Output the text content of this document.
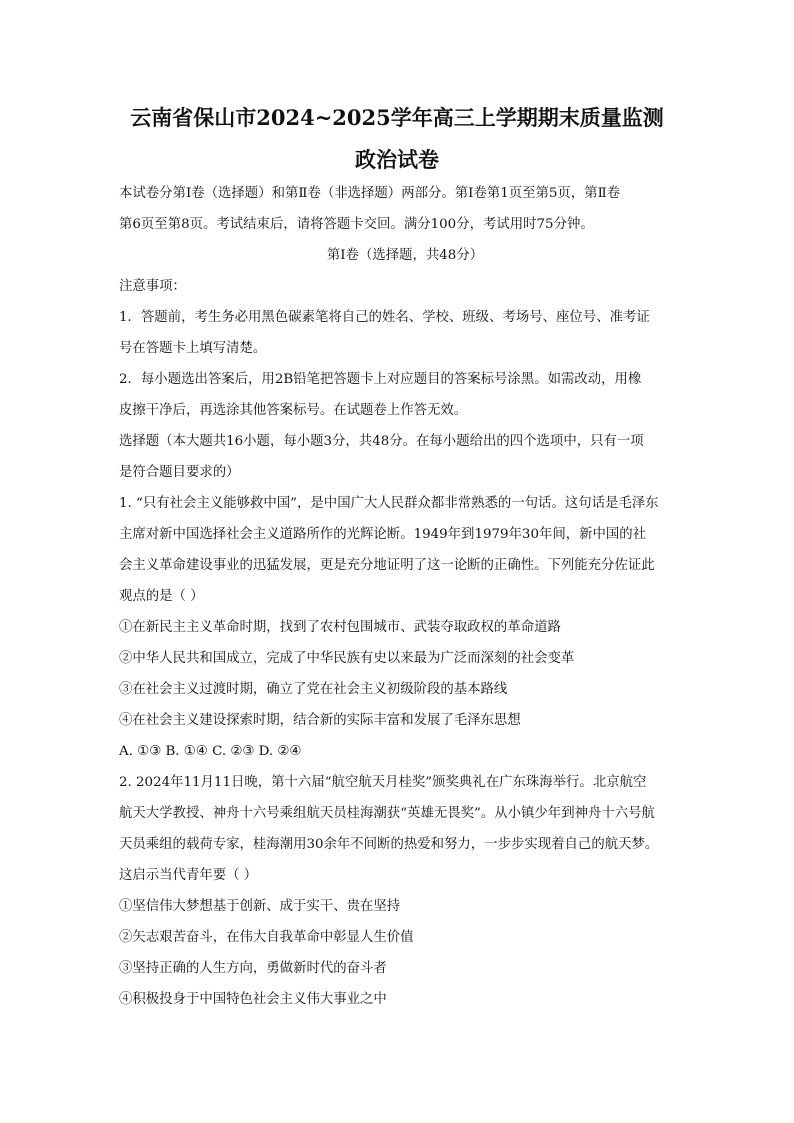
云南省保山市2024~2025学年高三上学期期末质量监测
政治试卷
本试卷分第Ⅰ卷（选择题）和第Ⅱ卷（非选择题）两部分。第Ⅰ卷第1页至第5页，第Ⅱ卷
第6页至第8页。考试结束后，请将答题卡交回。满分100分，考试用时75分钟。
第Ⅰ卷（选择题，共48分）
注意事项：
1．答题前，考生务必用黑色碳素笔将自己的姓名、学校、班级、考场号、座位号、准考证
号在答题卡上填写清楚。
2．每小题选出答案后，用2B铅笔把答题卡上对应题目的答案标号涂黑。如需改动，用橡
皮擦干净后，再选涂其他答案标号。在试题卷上作答无效。
选择题（本大题共16小题，每小题3分，共48分。在每小题给出的四个选项中，只有一项
是符合题目要求的）
1. “只有社会主义能够救中国”，是中国广大人民群众都非常熟悉的一句话。这句话是毛泽东
主席对新中国选择社会主义道路所作的光辉论断。1949年到1979年30年间，新中国的社
会主义革命建设事业的迅猛发展，更是充分地证明了这一论断的正确性。下列能充分佐证此
观点的是（ ）
①在新民主主义革命时期，找到了农村包围城市、武装夺取政权的革命道路
②中华人民共和国成立，完成了中华民族有史以来最为广泛而深刻的社会变革
③在社会主义过渡时期，确立了党在社会主义初级阶段的基本路线
④在社会主义建设探索时期，结合新的实际丰富和发展了毛泽东思想
A. ①③ B. ①④ C. ②③ D. ②④
2. 2024年11月11日晚，第十六届“航空航天月桂奖”颁奖典礼在广东珠海举行。北京航空
航天大学教授、神舟十六号乘组航天员桂海潮获“英雄无畏奖”。从小镇少年到神舟十六号航
天员乘组的载荷专家，桂海潮用30余年不间断的热爱和努力，一步步实现着自己的航天梦。
这启示当代青年要（ ）
①坚信伟大梦想基于创新、成于实干、贵在坚持
②矢志艰苦奋斗，在伟大自我革命中彰显人生价值
③坚持正确的人生方向，勇做新时代的奋斗者
④积极投身于中国特色社会主义伟大事业之中
